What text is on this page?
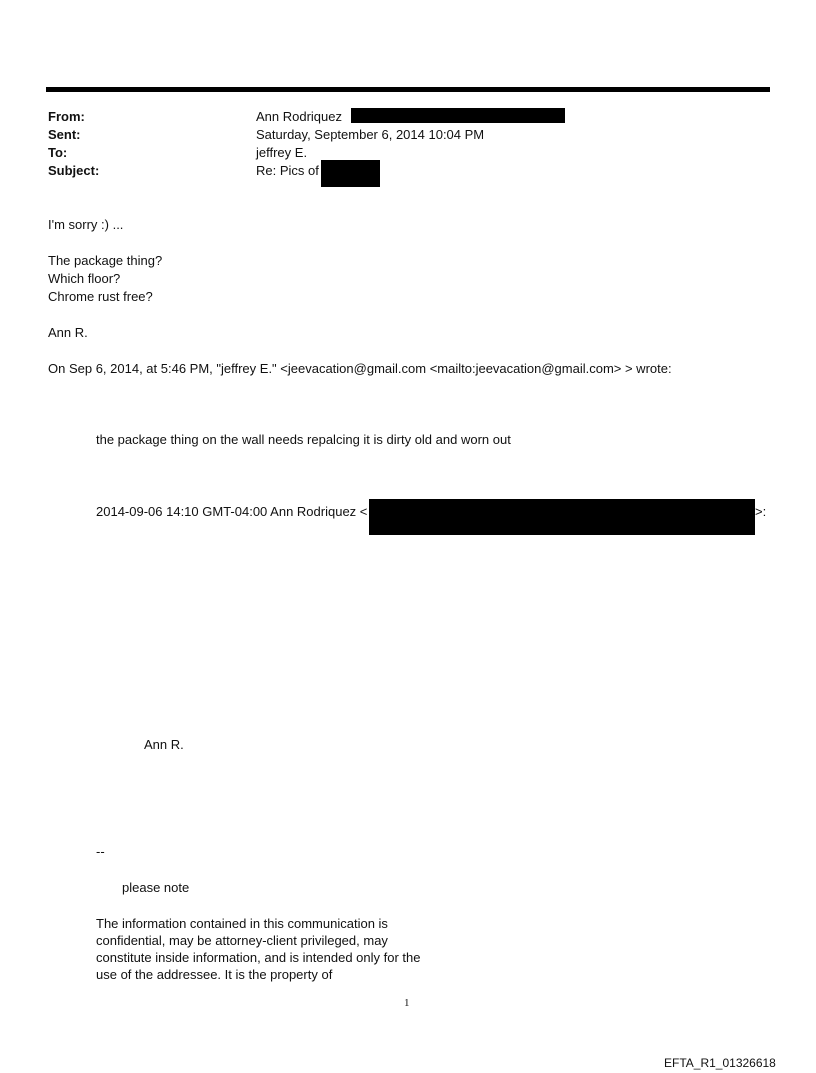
From:	Ann Rodriquez
Sent:	Saturday, September 6, 2014 10:04 PM
To:	jeffrey E.
Subject:	Re: Pics of
I'm sorry :) ...
The package thing?
Which floor?
Chrome rust free?
Ann R.
On Sep 6, 2014, at 5:46 PM, "jeffrey E." <jeevacation@gmail.com <mailto:jeevacation@gmail.com> > wrote:
the package thing on the wall needs repalcing it is dirty old and worn out
2014-09-06 14:10 GMT-04:00 Ann Rodriquez <	>:
Ann R.
--
please note
The information contained in this communication is confidential, may be attorney-client privileged, may constitute inside information, and is intended only for the use of the addressee. It is the property of
1
EFTA_R1_01326618
